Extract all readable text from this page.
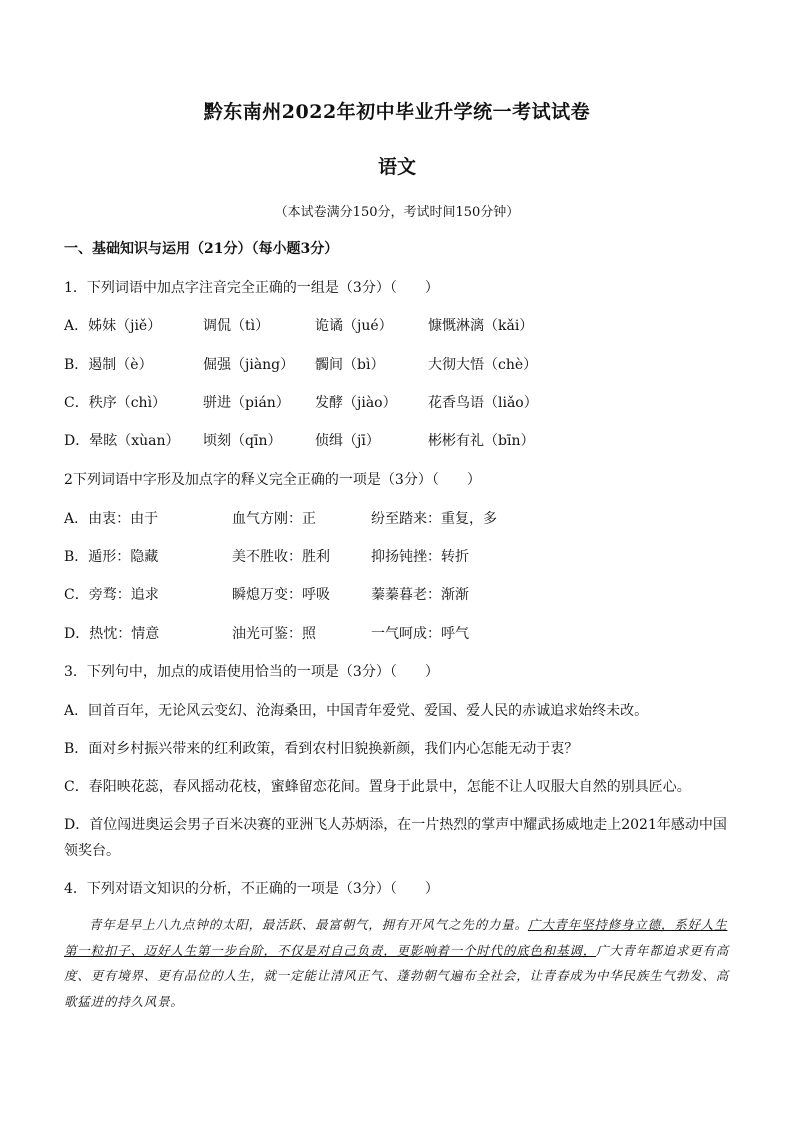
黔东南州2022年初中毕业升学统一考试试卷
语文
（本试卷满分150分，考试时间150分钟）
一、基础知识与运用（21分）（每小题3分）
1．下列词语中加点字注音完全正确的一组是（3分）（　　）
A．姊妹（jiě）	调侃（tì）	诡谲（jué）	慷慨淋漓（kǎi）
B．遏制（è）	倔强（jiàng） 髑间（bì）	大彻大悟（chè）
C．秩序（chì）	骈进（pián） 发酵（jiào） 花香鸟语（liǎo）
D．晕眩（xùan） 顷刻（qīn） 侦缉（jī）	彬彬有礼（bīn）
2下列词语中字形及加点字的释义完全正确的一项是（3分）（　　）
A．由衷：由于	血气方刚：正	纷至踏来：重复，多
B．遁形：隐藏	美不胜收：胜利	抑扬钝挫：转折
C．旁骛：追求	瞬熄万变：呼吸	蓁蓁暮老：渐渐
D．热忱：情意	油光可鉴：照	一气呵成：呼气
3．下列句中，加点的成语使用恰当的一项是（3分）（　　）
A．回首百年，无论风云变幻、沧海桑田，中国青年爱党、爱国、爱人民的赤诚追求始终未改。
B．面对乡村振兴带来的红利政策，看到农村旧貌换新颜，我们内心怎能无动于衷？
C．春阳映花蕊，春风摇动花枝，蜜蜂留恋花间。置身于此景中，怎能不让人叹服大自然的别具匠心。
D．首位闯进奥运会男子百米决赛的亚洲飞人苏炳添，在一片热烈的掌声中耀武扬威地走上2021年感动中国
领奖台。
4．下列对语文知识的分析，不正确的一项是（3分）（　　）
青年是早上八九点钟的太阳，最活跃、最富朝气，拥有开风气之先的力量。广大青年坚持修身立德，系好人生第一粒扣子、迈好人生第一步台阶，不仅是对自己负责，更影响着一个时代的底色和基调，广大青年都追求更有高度、更有境界、更有品位的人生，就一定能让清风正气、蓬勃朝气遍布全社会，让青春成为中华民族生气勃发、高歌猛进的持久风景。
